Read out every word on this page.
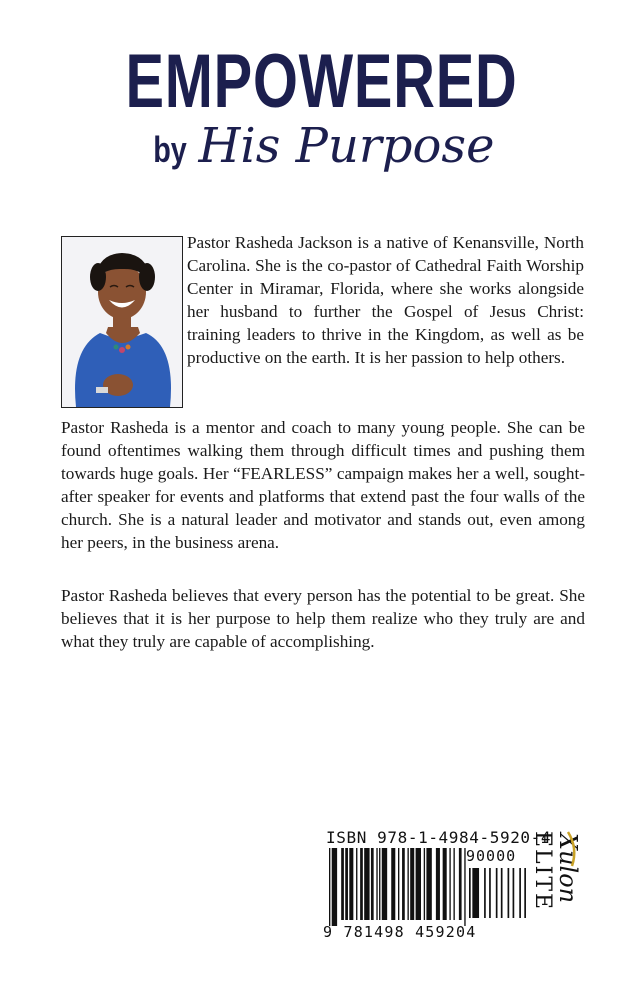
EMPOWERED
by His Purpose
Pastor Rasheda Jackson is a native of Kenansville, North Carolina. She is the co-pastor of Cathedral Faith Worship Center in Miramar, Florida, where she works alongside her husband to further the Gospel of Jesus Christ: training leaders to thrive in the Kingdom, as well as be productive on the earth. It is her passion to help others.
Pastor Rasheda is a mentor and coach to many young people. She can be found oftentimes walking them through difficult times and pushing them towards huge goals. Her “FEARLESS” campaign makes her a well, sought-after speaker for events and platforms that extend past the four walls of the church. She is a natural leader and motivator and stands out, even among her peers, in the business arena.
Pastor Rasheda believes that every person has the potential to be great. She believes that it is her purpose to help them realize who they truly are and what they truly are capable of accomplishing.
ISBN 978-1-4984-5920-4
90000
9 781498 459204
Xulon
ELITE
